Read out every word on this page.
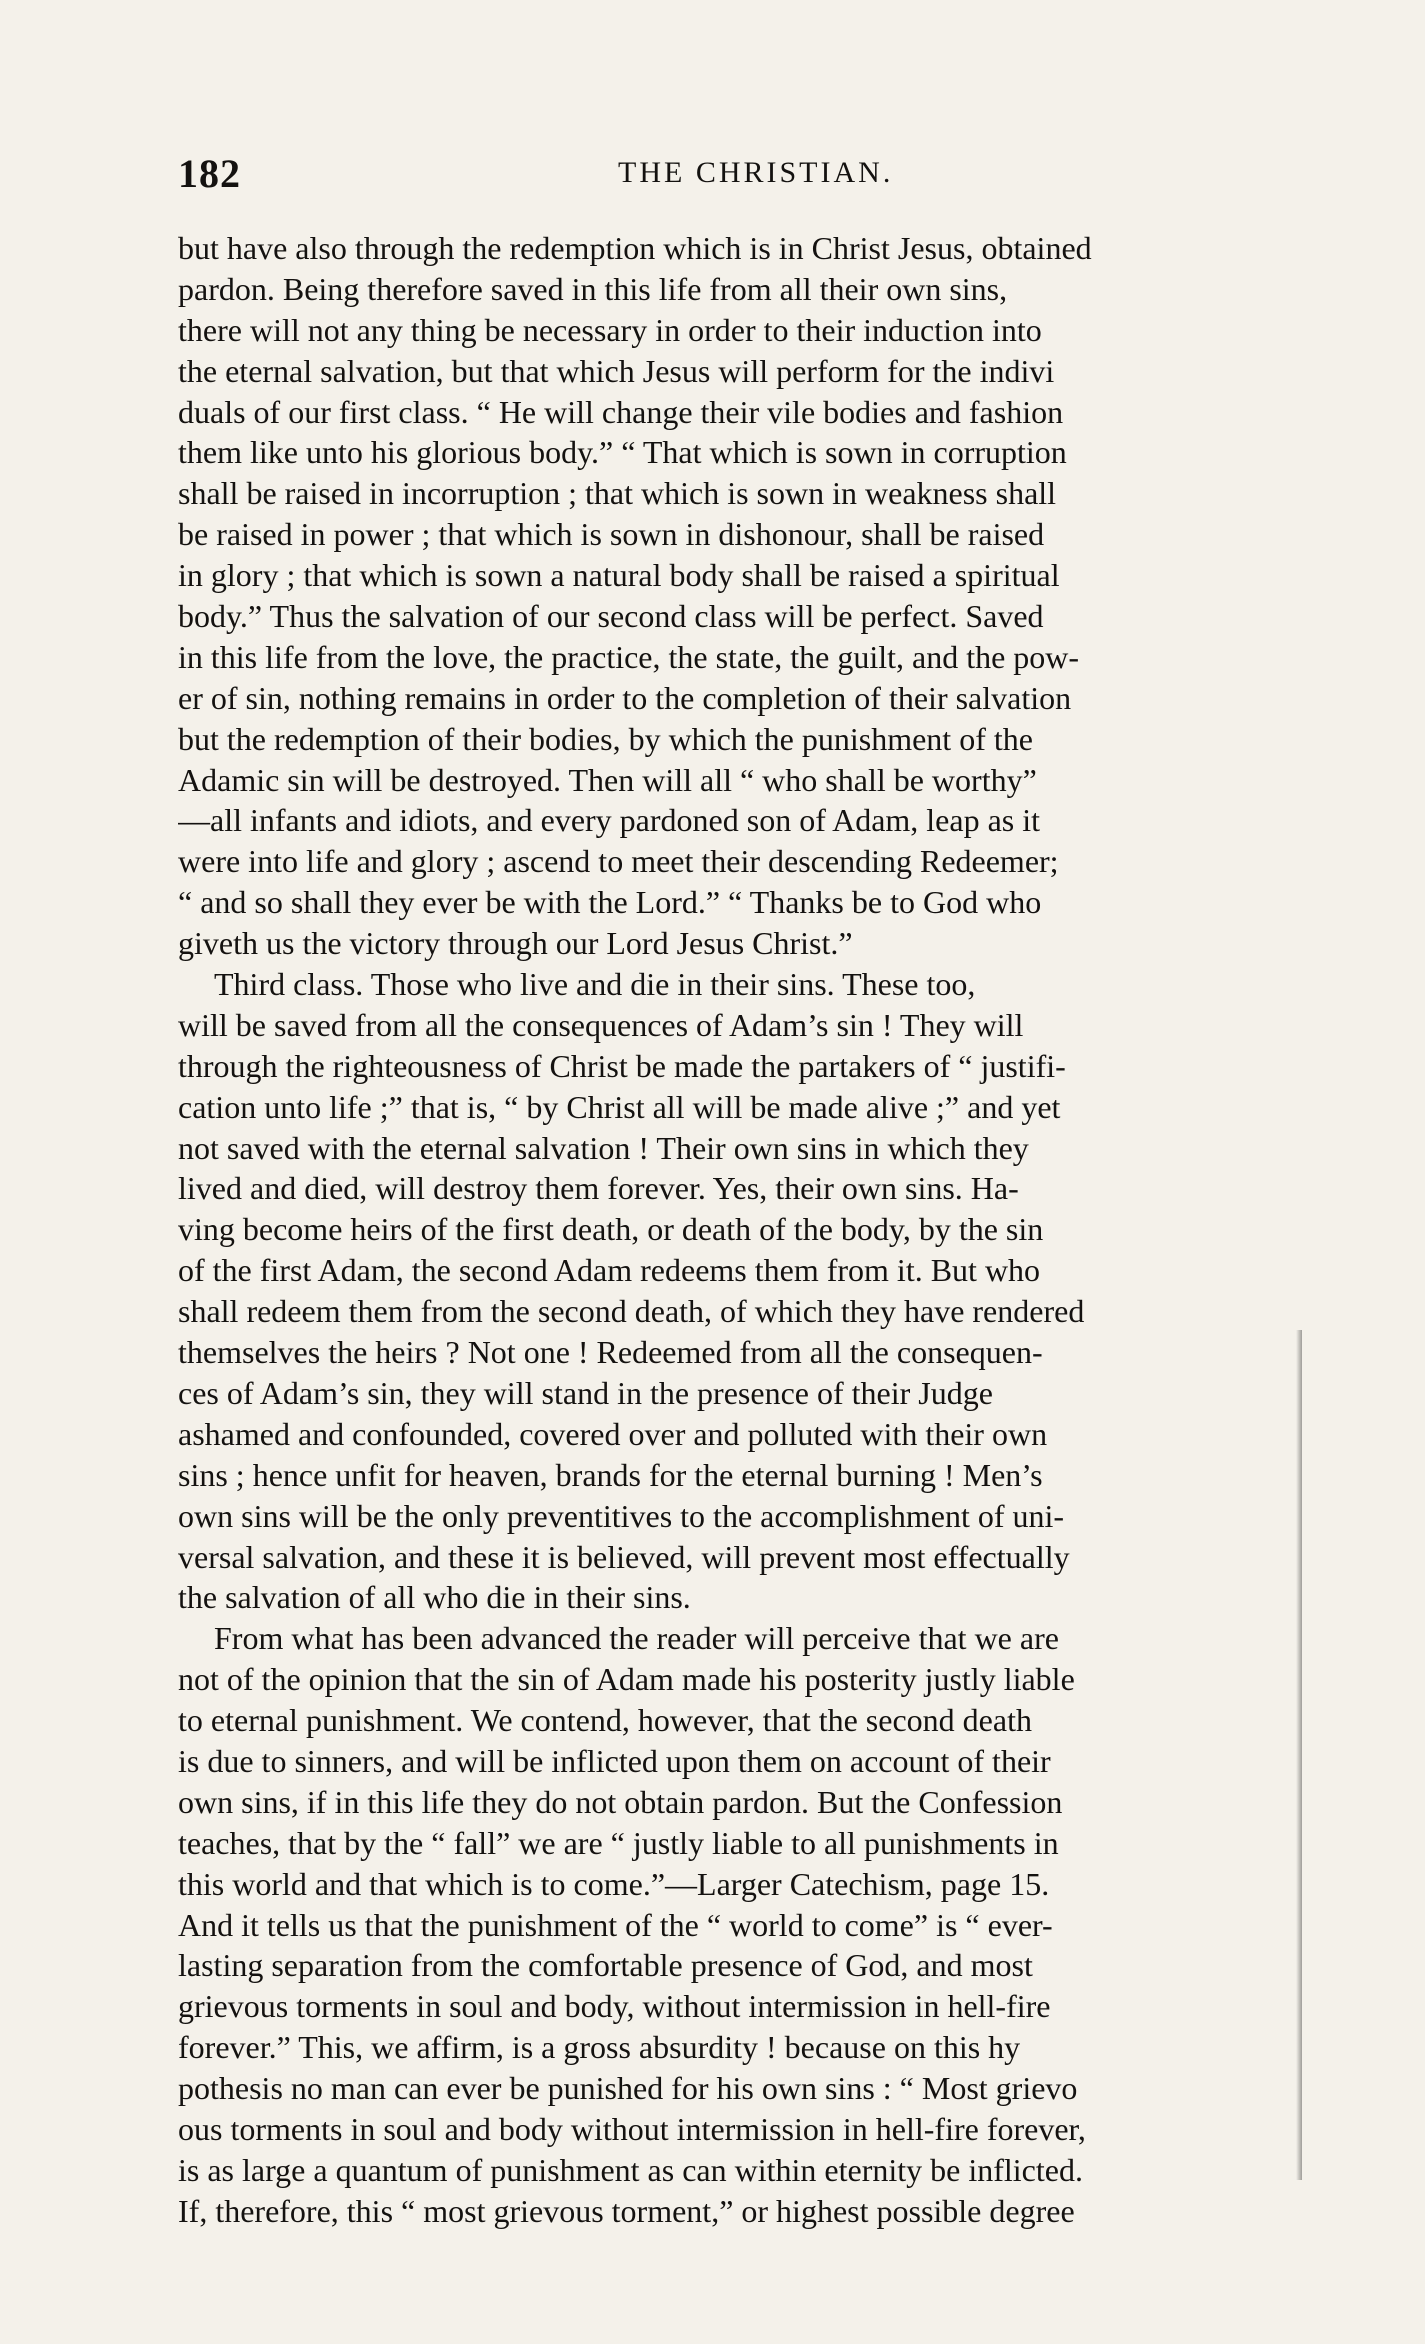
182	THE CHRISTIAN.
but have also through the redemption which is in Christ Jesus, obtained
pardon. Being therefore saved in this life from all their own sins,
there will not any thing be necessary in order to their induction into
the eternal salvation, but that which Jesus will perform for the indivi
duals of our first class. “ He will change their vile bodies and fashion
them like unto his glorious body.” “ That which is sown in corruption
shall be raised in incorruption ; that which is sown in weakness shall
be raised in power ; that which is sown in dishonour, shall be raised
in glory ; that which is sown a natural body shall be raised a spiritual
body.” Thus the salvation of our second class will be perfect. Saved
in this life from the love, the practice, the state, the guilt, and the pow-
er of sin, nothing remains in order to the completion of their salvation
but the redemption of their bodies, by which the punishment of the
Adamic sin will be destroyed. Then will all “ who shall be worthy”
—all infants and idiots, and every pardoned son of Adam, leap as it
were into life and glory ; ascend to meet their descending Redeemer;
“ and so shall they ever be with the Lord.” “ Thanks be to God who
giveth us the victory through our Lord Jesus Christ.”
Third class. Those who live and die in their sins. These too,
will be saved from all the consequences of Adam’s sin ! They will
through the righteousness of Christ be made the partakers of “ justifi-
cation unto life ;” that is, “ by Christ all will be made alive ;” and yet
not saved with the eternal salvation ! Their own sins in which they
lived and died, will destroy them forever. Yes, their own sins. Ha-
ving become heirs of the first death, or death of the body, by the sin
of the first Adam, the second Adam redeems them from it. But who
shall redeem them from the second death, of which they have rendered
themselves the heirs ? Not one ! Redeemed from all the consequen-
ces of Adam’s sin, they will stand in the presence of their Judge
ashamed and confounded, covered over and polluted with their own
sins ; hence unfit for heaven, brands for the eternal burning ! Men’s
own sins will be the only preventitives to the accomplishment of uni-
versal salvation, and these it is believed, will prevent most effectually
the salvation of all who die in their sins.
From what has been advanced the reader will perceive that we are
not of the opinion that the sin of Adam made his posterity justly liable
to eternal punishment. We contend, however, that the second death
is due to sinners, and will be inflicted upon them on account of their
own sins, if in this life they do not obtain pardon. But the Confession
teaches, that by the “ fall” we are “ justly liable to all punishments in
this world and that which is to come.”—Larger Catechism, page 15.
And it tells us that the punishment of the “ world to come” is “ ever-
lasting separation from the comfortable presence of God, and most
grievous torments in soul and body, without intermission in hell-fire
forever.” This, we affirm, is a gross absurdity ! because on this hy
pothesis no man can ever be punished for his own sins : “ Most grievo
ous torments in soul and body without intermission in hell-fire forever,
is as large a quantum of punishment as can within eternity be inflicted.
If, therefore, this “ most grievous torment,” or highest possible degree
